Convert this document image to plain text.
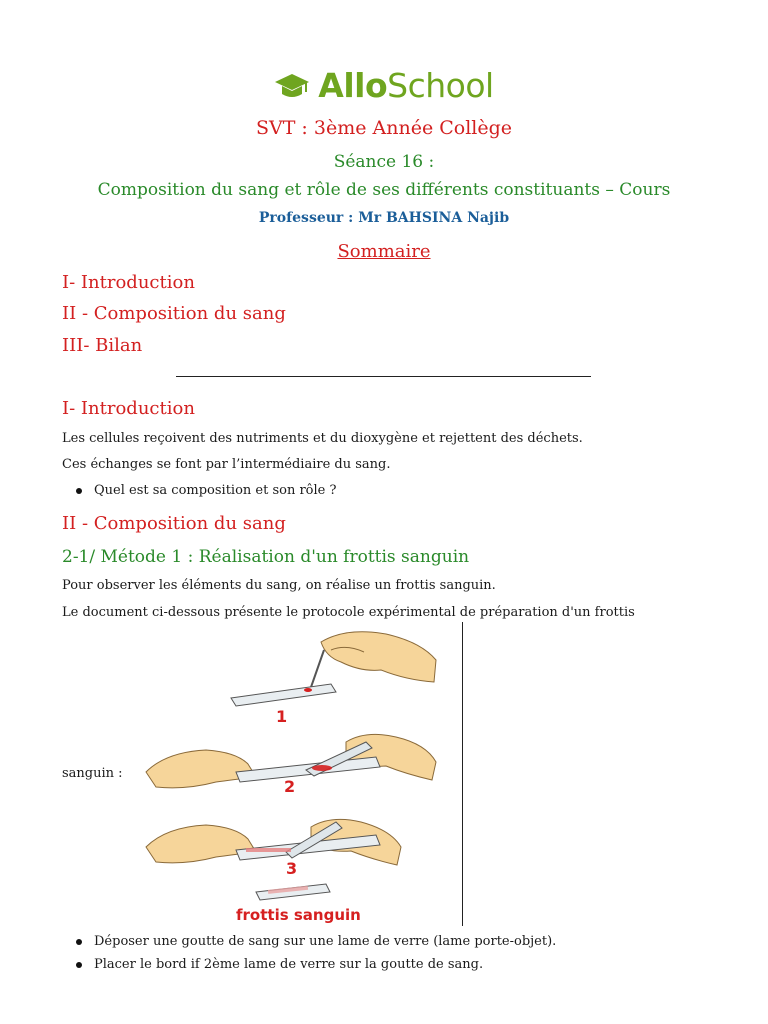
AlloSchool
SVT : 3ème Année Collège
Séance 16 :
Composition du sang et rôle de ses différents constituants – Cours
Professeur : Mr BAHSINA Najib
Sommaire
I- Introduction
II - Composition du sang
III- Bilan
I- Introduction
Les cellules reçoivent des nutriments et du dioxygène et rejettent des déchets.
Ces échanges se font par l’intermédiaire du sang.
Quel est sa composition et son rôle ?
II - Composition du sang
2-1/ Métode 1 : Réalisation d'un frottis sanguin
Pour observer les éléments du sang, on réalise un frottis sanguin.
Le document ci-dessous présente le protocole expérimental de préparation d'un frottis
sanguin :
1
2
3
frottis sanguin
Déposer une goutte de sang sur une lame de verre (lame porte-objet).
Placer le bord if 2ème lame de verre sur la goutte de sang.
